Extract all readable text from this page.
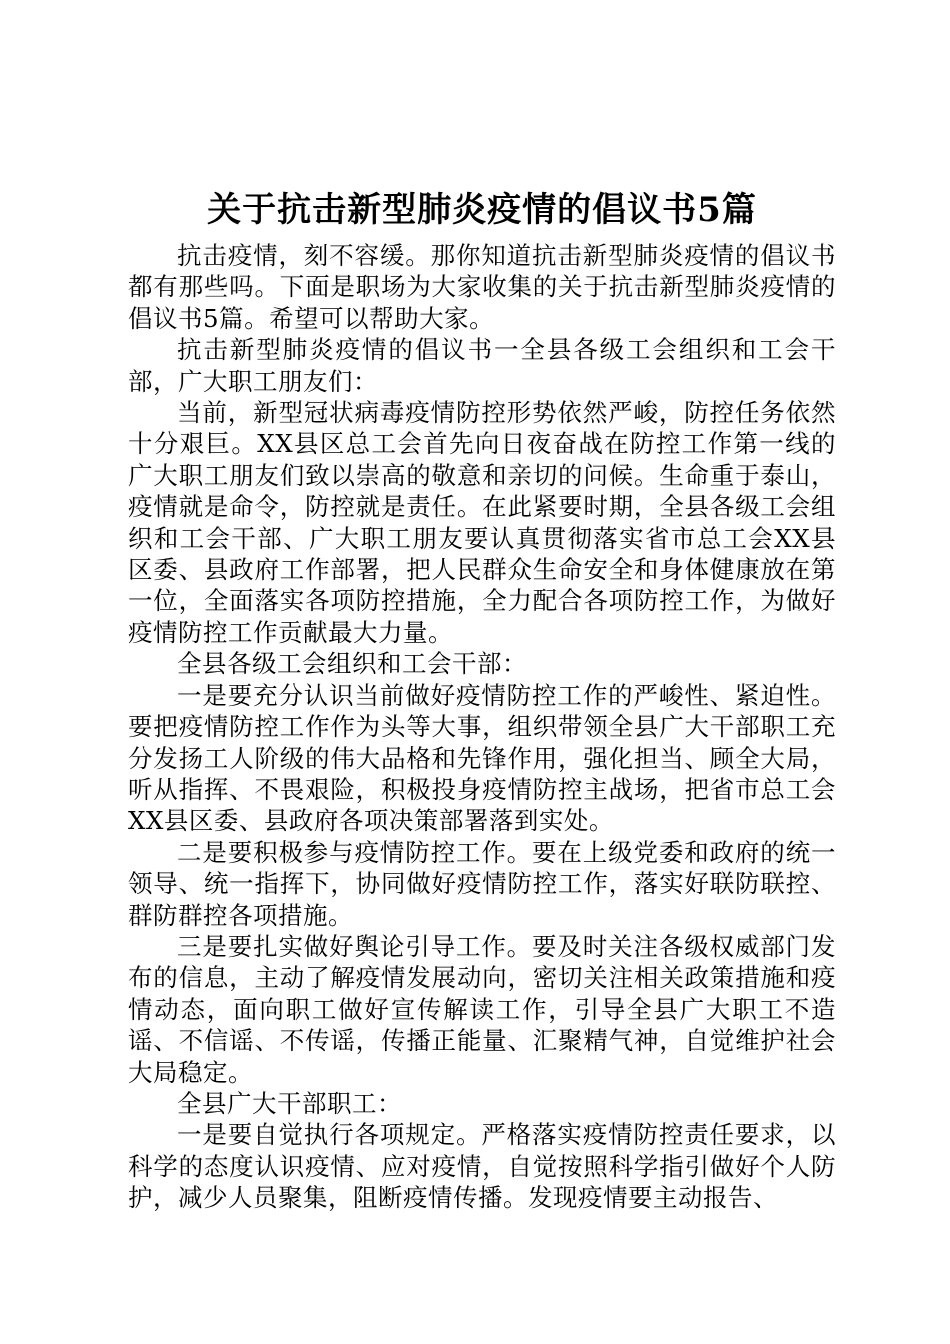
关于抗击新型肺炎疫情的倡议书5篇

抗击疫情，刻不容缓。那你知道抗击新型肺炎疫情的倡议书都有那些吗。下面是职场为大家收集的关于抗击新型肺炎疫情的倡议书5篇。希望可以帮助大家。

抗击新型肺炎疫情的倡议书一全县各级工会组织和工会干部，广大职工朋友们：

当前，新型冠状病毒疫情防控形势依然严峻，防控任务依然十分艰巨。XX县区总工会首先向日夜奋战在防控工作第一线的广大职工朋友们致以崇高的敬意和亲切的问候。生命重于泰山，疫情就是命令，防控就是责任。在此紧要时期，全县各级工会组织和工会干部、广大职工朋友要认真贯彻落实省市总工会XX县区委、县政府工作部署，把人民群众生命安全和身体健康放在第一位，全面落实各项防控措施，全力配合各项防控工作，为做好疫情防控工作贡献最大力量。

全县各级工会组织和工会干部：

一是要充分认识当前做好疫情防控工作的严峻性、紧迫性。要把疫情防控工作作为头等大事，组织带领全县广大干部职工充分发扬工人阶级的伟大品格和先锋作用，强化担当、顾全大局，听从指挥、不畏艰险，积极投身疫情防控主战场，把省市总工会XX县区委、县政府各项决策部署落到实处。

二是要积极参与疫情防控工作。要在上级党委和政府的统一领导、统一指挥下，协同做好疫情防控工作，落实好联防联控、群防群控各项措施。

三是要扎实做好舆论引导工作。要及时关注各级权威部门发布的信息，主动了解疫情发展动向，密切关注相关政策措施和疫情动态，面向职工做好宣传解读工作，引导全县广大职工不造谣、不信谣、不传谣，传播正能量、汇聚精气神，自觉维护社会大局稳定。

全县广大干部职工：

一是要自觉执行各项规定。严格落实疫情防控责任要求，以科学的态度认识疫情、应对疫情，自觉按照科学指引做好个人防护，减少人员聚集，阻断疫情传播。发现疫情要主动报告、
